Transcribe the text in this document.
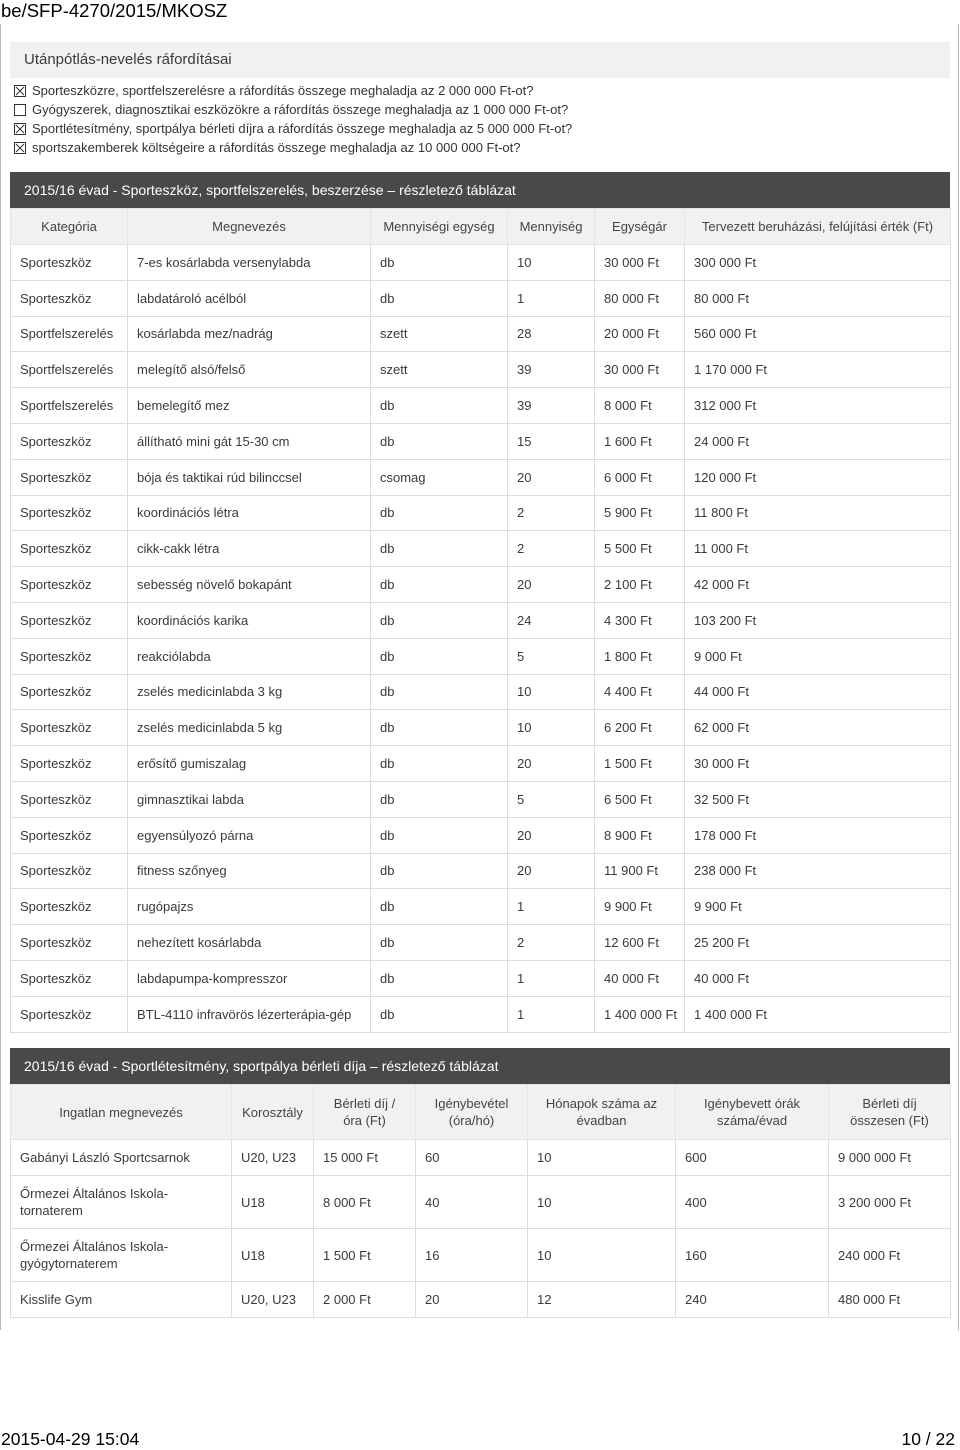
be/SFP-4270/2015/MKOSZ
Utánpótlás-nevelés ráfordításai
Sporteszközre, sportfelszerelésre a ráfordítás összege meghaladja az 2 000 000 Ft-ot?
Gyógyszerek, diagnosztikai eszközökre a ráfordítás összege meghaladja az 1 000 000 Ft-ot?
Sportlétesítmény, sportpálya bérleti díjra a ráfordítás összege meghaladja az 5 000 000 Ft-ot?
sportszakemberek költségeire a ráfordítás összege meghaladja az 10 000 000 Ft-ot?
2015/16 évad - Sporteszköz, sportfelszerelés, beszerzése – részletező táblázat
Kategória	Megnevezés	Mennyiségi egység	Mennyiség	Egységár	Tervezett beruházási, felújítási érték (Ft)
Sporteszköz	7-es kosárlabda versenylabda	db	10	30 000 Ft	300 000 Ft
Sporteszköz	labdatároló acélból	db	1	80 000 Ft	80 000 Ft
Sportfelszerelés	kosárlabda mez/nadrág	szett	28	20 000 Ft	560 000 Ft
Sportfelszerelés	melegítő alsó/felső	szett	39	30 000 Ft	1 170 000 Ft
Sportfelszerelés	bemelegítő mez	db	39	8 000 Ft	312 000 Ft
Sporteszköz	állítható mini gát 15-30 cm	db	15	1 600 Ft	24 000 Ft
Sporteszköz	bója és taktikai rúd bilinccsel	csomag	20	6 000 Ft	120 000 Ft
Sporteszköz	koordinációs létra	db	2	5 900 Ft	11 800 Ft
Sporteszköz	cikk-cakk létra	db	2	5 500 Ft	11 000 Ft
Sporteszköz	sebesség növelő bokapánt	db	20	2 100 Ft	42 000 Ft
Sporteszköz	koordinációs karika	db	24	4 300 Ft	103 200 Ft
Sporteszköz	reakciólabda	db	5	1 800 Ft	9 000 Ft
Sporteszköz	zselés medicinlabda 3 kg	db	10	4 400 Ft	44 000 Ft
Sporteszköz	zselés medicinlabda 5 kg	db	10	6 200 Ft	62 000 Ft
Sporteszköz	erősítő gumiszalag	db	20	1 500 Ft	30 000 Ft
Sporteszköz	gimnasztikai labda	db	5	6 500 Ft	32 500 Ft
Sporteszköz	egyensúlyozó párna	db	20	8 900 Ft	178 000 Ft
Sporteszköz	fitness szőnyeg	db	20	11 900 Ft	238 000 Ft
Sporteszköz	rugópajzs	db	1	9 900 Ft	9 900 Ft
Sporteszköz	nehezített kosárlabda	db	2	12 600 Ft	25 200 Ft
Sporteszköz	labdapumpa-kompresszor	db	1	40 000 Ft	40 000 Ft
Sporteszköz	BTL-4110 infravörös lézerterápia-gép	db	1	1 400 000 Ft	1 400 000 Ft
2015/16 évad - Sportlétesítmény, sportpálya bérleti díja – részletező táblázat
Ingatlan megnevezés	Korosztály	Bérleti díj / óra (Ft)	Igénybevétel (óra/hó)	Hónapok száma az évadban	Igénybevett órák száma/évad	Bérleti díj összesen (Ft)
Gabányi László Sportcsarnok	U20, U23	15 000 Ft	60	10	600	9 000 000 Ft
Őrmezei Általános Iskola-tornaterem	U18	8 000 Ft	40	10	400	3 200 000 Ft
Őrmezei Általános Iskola-gyógytornaterem	U18	1 500 Ft	16	10	160	240 000 Ft
Kisslife Gym	U20, U23	2 000 Ft	20	12	240	480 000 Ft
2015-04-29 15:04	10 / 22
